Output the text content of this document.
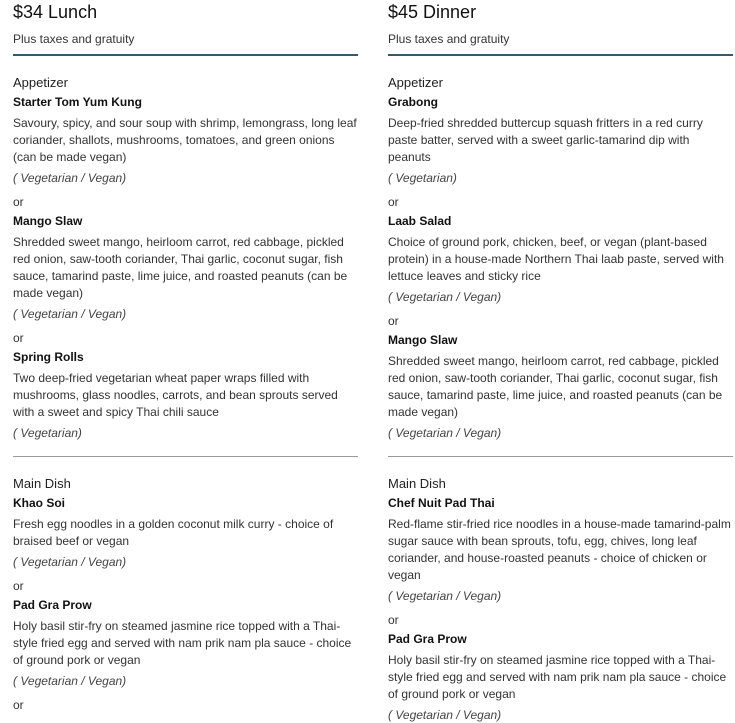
$34 Lunch
Plus taxes and gratuity
Appetizer
Starter Tom Yum Kung
Savoury, spicy, and sour soup with shrimp, lemongrass, long leaf coriander, shallots, mushrooms, tomatoes, and green onions (can be made vegan)
( Vegetarian / Vegan)
or
Mango Slaw
Shredded sweet mango, heirloom carrot, red cabbage, pickled red onion, saw-tooth coriander, Thai garlic, coconut sugar, fish sauce, tamarind paste, lime juice, and roasted peanuts (can be made vegan)
( Vegetarian / Vegan)
or
Spring Rolls
Two deep-fried vegetarian wheat paper wraps filled with mushrooms, glass noodles, carrots, and bean sprouts served with a sweet and spicy Thai chili sauce
( Vegetarian)
Main Dish
Khao Soi
Fresh egg noodles in a golden coconut milk curry - choice of braised beef or vegan
( Vegetarian / Vegan)
or
Pad Gra Prow
Holy basil stir-fry on steamed jasmine rice topped with a Thai-style fried egg and served with nam prik nam pla sauce - choice of ground pork or vegan
( Vegetarian / Vegan)
or
$45 Dinner
Plus taxes and gratuity
Appetizer
Grabong
Deep-fried shredded buttercup squash fritters in a red curry paste batter, served with a sweet garlic-tamarind dip with peanuts
( Vegetarian)
or
Laab Salad
Choice of ground pork, chicken, beef, or vegan (plant-based protein) in a house-made Northern Thai laab paste, served with lettuce leaves and sticky rice
( Vegetarian / Vegan)
or
Mango Slaw
Shredded sweet mango, heirloom carrot, red cabbage, pickled red onion, saw-tooth coriander, Thai garlic, coconut sugar, fish sauce, tamarind paste, lime juice, and roasted peanuts (can be made vegan)
( Vegetarian / Vegan)
Main Dish
Chef Nuit Pad Thai
Red-flame stir-fried rice noodles in a house-made tamarind-palm sugar sauce with bean sprouts, tofu, egg, chives, long leaf coriander, and house-roasted peanuts - choice of chicken or vegan
( Vegetarian / Vegan)
or
Pad Gra Prow
Holy basil stir-fry on steamed jasmine rice topped with a Thai-style fried egg and served with nam prik nam pla sauce - choice of ground pork or vegan
( Vegetarian / Vegan)
